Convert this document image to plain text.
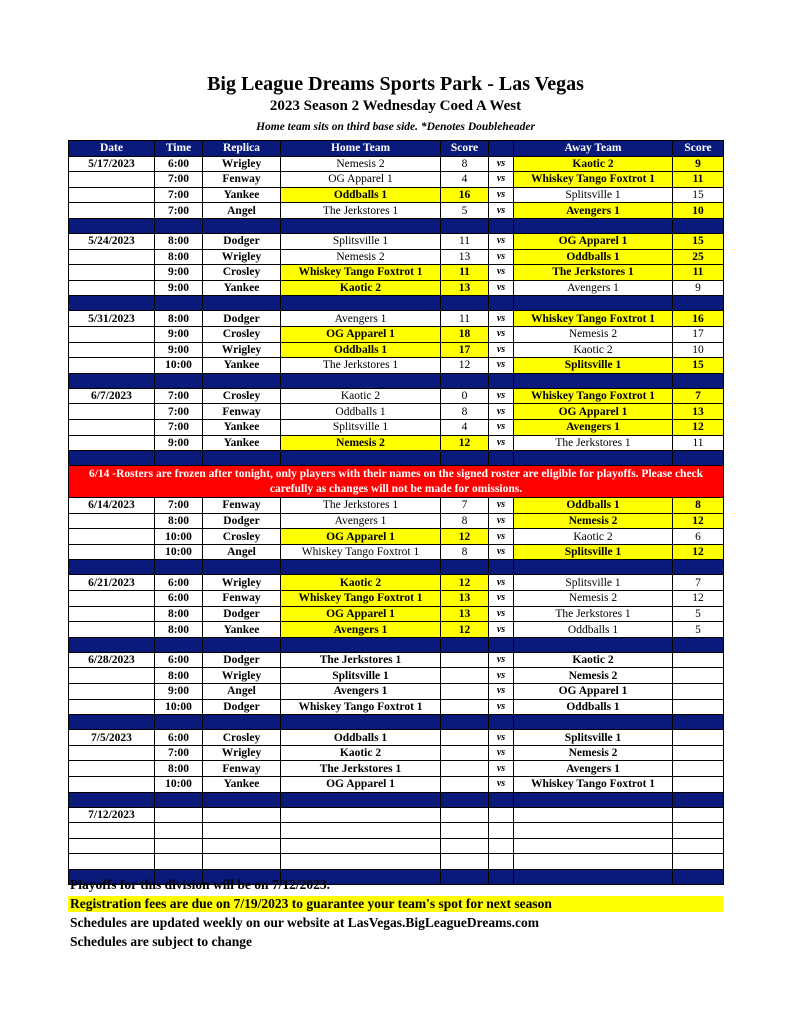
Big League Dreams Sports Park - Las Vegas
2023 Season 2 Wednesday Coed A West
Home team sits on third base side. *Denotes Doubleheader
Date	Time	Replica	Home Team	Score		Away Team	Score
5/17/2023	6:00	Wrigley	Nemesis 2	8	vs	Kaotic 2	9
	7:00	Fenway	OG Apparel 1	4	vs	Whiskey Tango Foxtrot 1	11
	7:00	Yankee	Oddballs 1	16	vs	Splitsville 1	15
	7:00	Angel	The Jerkstores 1	5	vs	Avengers 1	10

5/24/2023	8:00	Dodger	Splitsville 1	11	vs	OG Apparel 1	15
	8:00	Wrigley	Nemesis 2	13	vs	Oddballs 1	25
	9:00	Crosley	Whiskey Tango Foxtrot 1	11	vs	The Jerkstores 1	11
	9:00	Yankee	Kaotic 2	13	vs	Avengers 1	9

5/31/2023	8:00	Dodger	Avengers 1	11	vs	Whiskey Tango Foxtrot 1	16
	9:00	Crosley	OG Apparel 1	18	vs	Nemesis 2	17
	9:00	Wrigley	Oddballs 1	17	vs	Kaotic 2	10
	10:00	Yankee	The Jerkstores 1	12	vs	Splitsville 1	15

6/7/2023	7:00	Crosley	Kaotic 2	0	vs	Whiskey Tango Foxtrot 1	7
	7:00	Fenway	Oddballs 1	8	vs	OG Apparel 1	13
	7:00	Yankee	Splitsville 1	4	vs	Avengers 1	12
	9:00	Yankee	Nemesis 2	12	vs	The Jerkstores 1	11

6/14 -Rosters are frozen after tonight, only players with their names on the signed roster are eligible for playoffs. Please check carefully as changes will not be made for omissions.							
6/14/2023	7:00	Fenway	The Jerkstores 1	7	vs	Oddballs 1	8
	8:00	Dodger	Avengers 1	8	vs	Nemesis 2	12
	10:00	Crosley	OG Apparel 1	12	vs	Kaotic 2	6
	10:00	Angel	Whiskey Tango Foxtrot 1	8	vs	Splitsville 1	12

6/21/2023	6:00	Wrigley	Kaotic 2	12	vs	Splitsville 1	7
	6:00	Fenway	Whiskey Tango Foxtrot 1	13	vs	Nemesis 2	12
	8:00	Dodger	OG Apparel 1	13	vs	The Jerkstores 1	5
	8:00	Yankee	Avengers 1	12	vs	Oddballs 1	5

6/28/2023	6:00	Dodger	The Jerkstores 1		vs	Kaotic 2	
	8:00	Wrigley	Splitsville 1		vs	Nemesis 2	
	9:00	Angel	Avengers 1		vs	OG Apparel 1	
	10:00	Dodger	Whiskey Tango Foxtrot 1		vs	Oddballs 1	

7/5/2023	6:00	Crosley	Oddballs 1		vs	Splitsville 1	
	7:00	Wrigley	Kaotic 2		vs	Nemesis 2	
	8:00	Fenway	The Jerkstores 1		vs	Avengers 1	
	10:00	Yankee	OG Apparel 1		vs	Whiskey Tango Foxtrot 1	

7/12/2023							

Playoffs for this division will be on 7/12/2023.
Registration fees are due on 7/19/2023 to guarantee your team's spot for next season
Schedules are updated weekly on our website at LasVegas.BigLeagueDreams.com
Schedules are subject to change
